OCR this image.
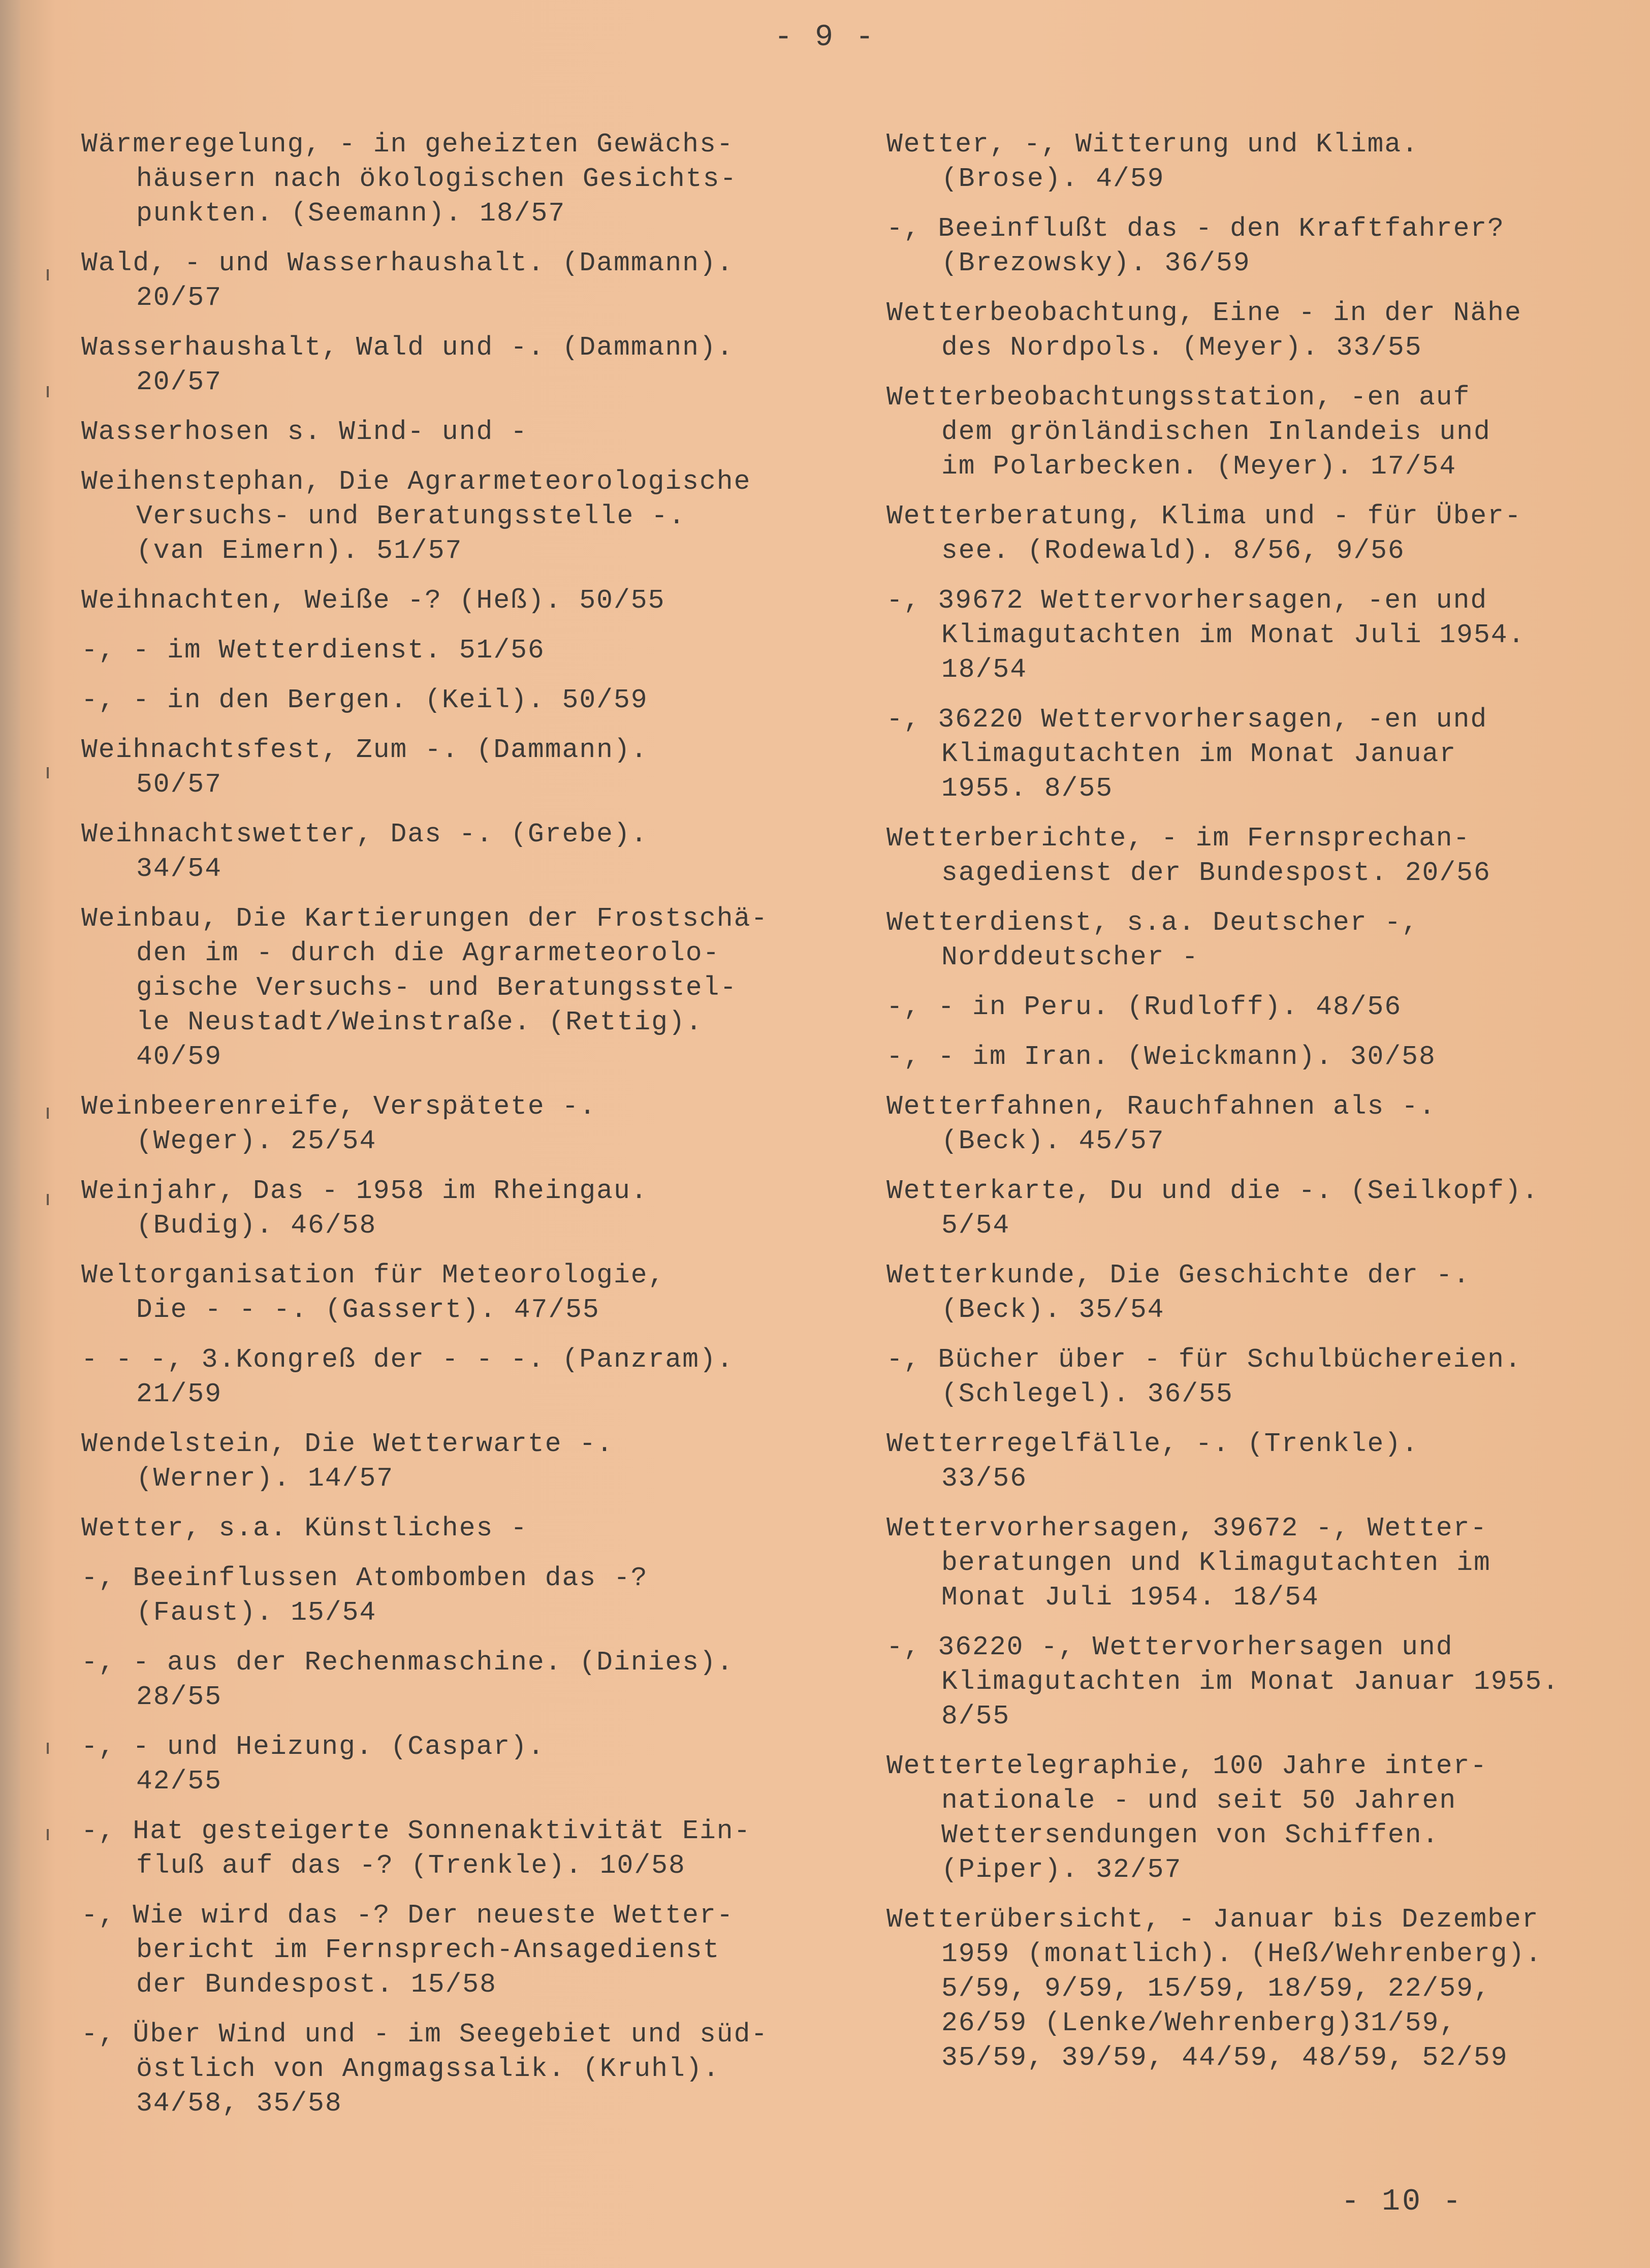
- 9 -
Wärmeregelung, - in geheizten Gewächs-
häusern nach ökologischen Gesichts-
punkten. (Seemann). 18/57
Wald, - und Wasserhaushalt. (Dammann).
20/57
Wasserhaushalt, Wald und -. (Dammann).
20/57
Wasserhosen s. Wind- und -
Weihenstephan, Die Agrarmeteorologische
Versuchs- und Beratungsstelle -.
(van Eimern). 51/57
Weihnachten, Weiße -? (Heß). 50/55
-, - im Wetterdienst. 51/56
-, - in den Bergen. (Keil). 50/59
Weihnachtsfest, Zum -. (Dammann).
50/57
Weihnachtswetter, Das -. (Grebe).
34/54
Weinbau, Die Kartierungen der Frostschä-
den im - durch die Agrarmeteorolo-
gische Versuchs- und Beratungsstel-
le Neustadt/Weinstraße. (Rettig).
40/59
Weinbeerenreife, Verspätete -.
(Weger). 25/54
Weinjahr, Das - 1958 im Rheingau.
(Budig). 46/58
Weltorganisation für Meteorologie,
Die - - -. (Gassert). 47/55
- - -, 3.Kongreß der - - -. (Panzram).
21/59
Wendelstein, Die Wetterwarte -.
(Werner). 14/57
Wetter, s.a. Künstliches -
-, Beeinflussen Atombomben das -?
(Faust). 15/54
-, - aus der Rechenmaschine. (Dinies).
28/55
-, - und Heizung. (Caspar).
42/55
-, Hat gesteigerte Sonnenaktivität Ein-
fluß auf das -? (Trenkle). 10/58
-, Wie wird das -? Der neueste Wetter-
bericht im Fernsprech-Ansagedienst
der Bundespost. 15/58
-, Über Wind und - im Seegebiet und süd-
östlich von Angmagssalik. (Kruhl).
34/58, 35/58
Wetter, -, Witterung und Klima.
(Brose). 4/59
-, Beeinflußt das - den Kraftfahrer?
(Brezowsky). 36/59
Wetterbeobachtung, Eine - in der Nähe
des Nordpols. (Meyer). 33/55
Wetterbeobachtungsstation, -en auf
dem grönländischen Inlandeis und
im Polarbecken. (Meyer). 17/54
Wetterberatung, Klima und - für Über-
see. (Rodewald). 8/56, 9/56
-, 39672 Wettervorhersagen, -en und
Klimagutachten im Monat Juli 1954.
18/54
-, 36220 Wettervorhersagen, -en und
Klimagutachten im Monat Januar
1955. 8/55
Wetterberichte, - im Fernsprechan-
sagedienst der Bundespost. 20/56
Wetterdienst, s.a. Deutscher -,
Norddeutscher -
-, - in Peru. (Rudloff). 48/56
-, - im Iran. (Weickmann). 30/58
Wetterfahnen, Rauchfahnen als -.
(Beck). 45/57
Wetterkarte, Du und die -. (Seilkopf).
5/54
Wetterkunde, Die Geschichte der -.
(Beck). 35/54
-, Bücher über - für Schulbüchereien.
(Schlegel). 36/55
Wetterregelfälle, -. (Trenkle).
33/56
Wettervorhersagen, 39672 -, Wetter-
beratungen und Klimagutachten im
Monat Juli 1954. 18/54
-, 36220 -, Wettervorhersagen und
Klimagutachten im Monat Januar 1955.
8/55
Wettertelegraphie, 100 Jahre inter-
nationale - und seit 50 Jahren
Wettersendungen von Schiffen.
(Piper). 32/57
Wetterübersicht, - Januar bis Dezember
1959 (monatlich). (Heß/Wehrenberg).
5/59, 9/59, 15/59, 18/59, 22/59,
26/59 (Lenke/Wehrenberg)31/59,
35/59, 39/59, 44/59, 48/59, 52/59
- 10 -
